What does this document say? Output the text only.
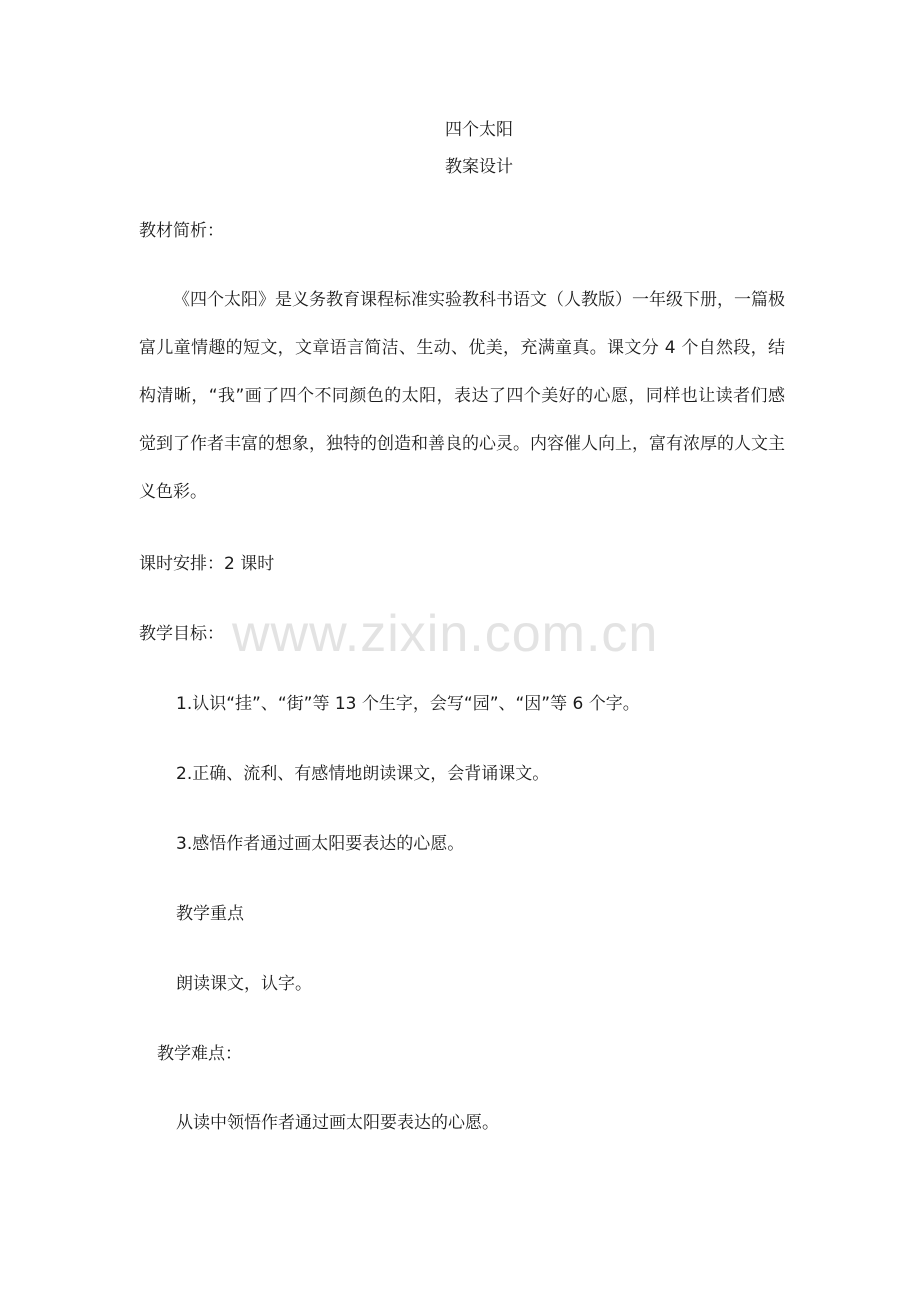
四个太阳
教案设计
教材简析：
《四个太阳》是义务教育课程标准实验教科书语文（人教版）一年级下册，一篇极富儿童情趣的短文，文章语言简洁、生动、优美，充满童真。课文分 4 个自然段，结构清晰，“我”画了四个不同颜色的太阳，表达了四个美好的心愿，同样也让读者们感觉到了作者丰富的想象，独特的创造和善良的心灵。内容催人向上，富有浓厚的人文主义色彩。
课时安排：2 课时
教学目标：
1.认识“挂”、“街”等 13 个生字，会写“园”、“因”等 6 个字。
2.正确、流利、有感情地朗读课文，会背诵课文。
3.感悟作者通过画太阳要表达的心愿。
教学重点
朗读课文，认字。
教学难点：
从读中领悟作者通过画太阳要表达的心愿。
www.zixin.com.cn
